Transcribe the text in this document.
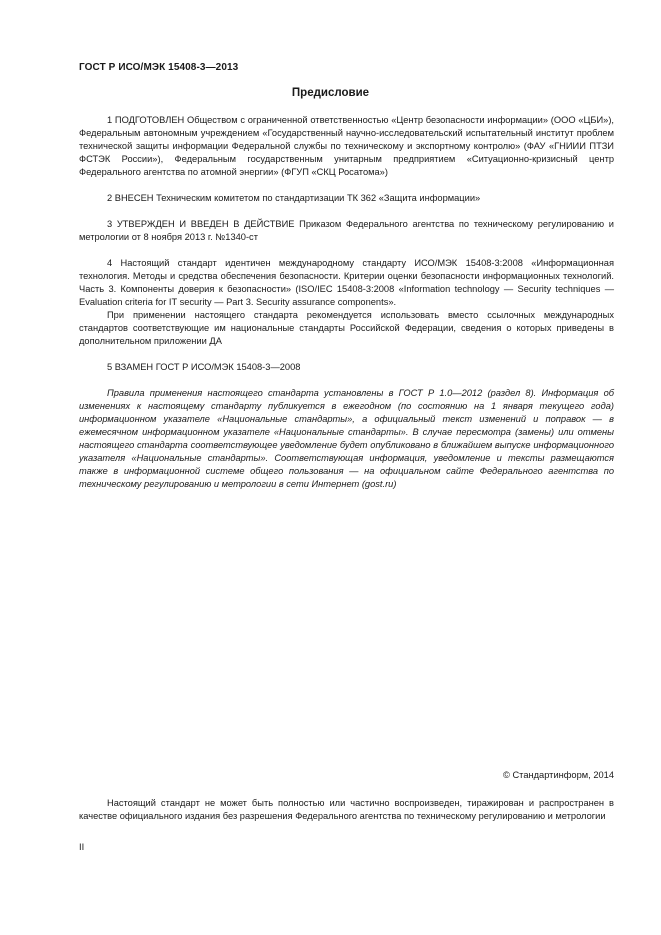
ГОСТ Р ИСО/МЭК 15408-3—2013
Предисловие

1 ПОДГОТОВЛЕН Обществом с ограниченной ответственностью «Центр безопасности информации» (ООО «ЦБИ»), Федеральным автономным учреждением «Государственный научно-исследовательский испытательный институт проблем технической защиты информации Федеральной службы по техническому и экспортному контролю» (ФАУ «ГНИИИ ПТЗИ ФСТЭК России»), Федеральным государственным унитарным предприятием «Ситуационно-кризисный центр Федерального агентства по атомной энергии» (ФГУП «СКЦ Росатома»)

2 ВНЕСЕН Техническим комитетом по стандартизации ТК 362 «Защита информации»

3 УТВЕРЖДЕН И ВВЕДЕН В ДЕЙСТВИЕ Приказом Федерального агентства по техническому регулированию и метрологии от 8 ноября 2013 г. №1340-ст

4 Настоящий стандарт идентичен международному стандарту ИСО/МЭК 15408-3:2008 «Информационная технология. Методы и средства обеспечения безопасности. Критерии оценки безопасности информационных технологий. Часть 3. Компоненты доверия к безопасности» (ISO/IEC 15408-3:2008 «Information technology — Security techniques — Evaluation criteria for IT security — Part 3. Security assurance components».

При применении настоящего стандарта рекомендуется использовать вместо ссылочных международных стандартов соответствующие им национальные стандарты Российской Федерации, сведения о которых приведены в дополнительном приложении ДА

5 ВЗАМЕН ГОСТ Р ИСО/МЭК 15408-3—2008

Правила применения настоящего стандарта установлены в ГОСТ Р 1.0—2012 (раздел 8). Информация об изменениях к настоящему стандарту публикуется в ежегодном (по состоянию на 1 января текущего года) информационном указателе «Национальные стандарты», а официальный текст изменений и поправок — в ежемесячном информационном указателе «Национальные стандарты». В случае пересмотра (замены) или отмены настоящего стандарта соответствующее уведомление будет опубликовано в ближайшем выпуске информационного указателя «Национальные стандарты». Соответствующая информация, уведомление и тексты размещаются также в информационной системе общего пользования — на официальном сайте Федерального агентства по техническому регулированию и метрологии в сети Интернет (gost.ru)

© Стандартинформ, 2014

Настоящий стандарт не может быть полностью или частично воспроизведен, тиражирован и распространен в качестве официального издания без разрешения Федерального агентства по техническому регулированию и метрологии

II
